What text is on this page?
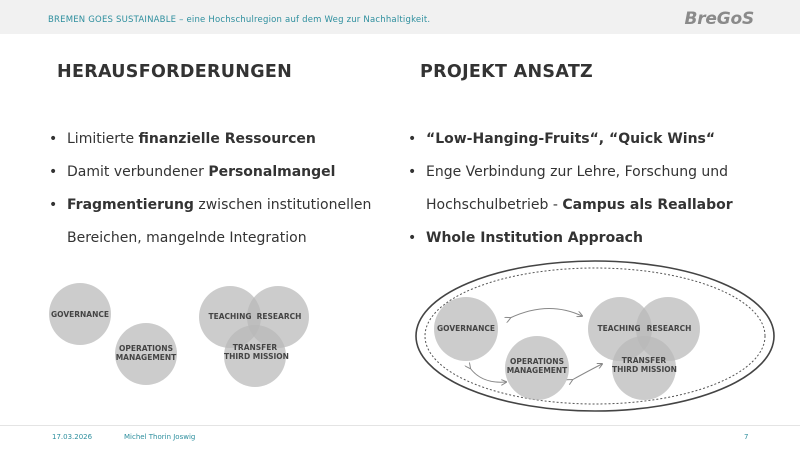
BREMEN GOES SUSTAINABLE – eine Hochschulregion auf dem Weg zur Nachhaltigkeit.	BreGoS
HERAUSFORDERUNGEN	PROJEKT ANSATZ
• Limitierte finanzielle Ressourcen
• Damit verbundener Personalmangel
• Fragmentierung zwischen institutionellen Bereichen, mangelnde Integration
• “Low-Hanging-Fruits“, “Quick Wins“
• Enge Verbindung zur Lehre, Forschung und Hochschulbetrieb - Campus als Reallabor
• Whole Institution Approach
GOVERNANCE
OPERATIONS
MANAGEMENT
TEACHING RESEARCH
TRANSFER
THIRD MISSION
GOVERNANCE
OPERATIONS
MANAGEMENT
TEACHING RESEARCH
TRANSFER
THIRD MISSION
17.03.2026	Michel Thorin Joswig	7
